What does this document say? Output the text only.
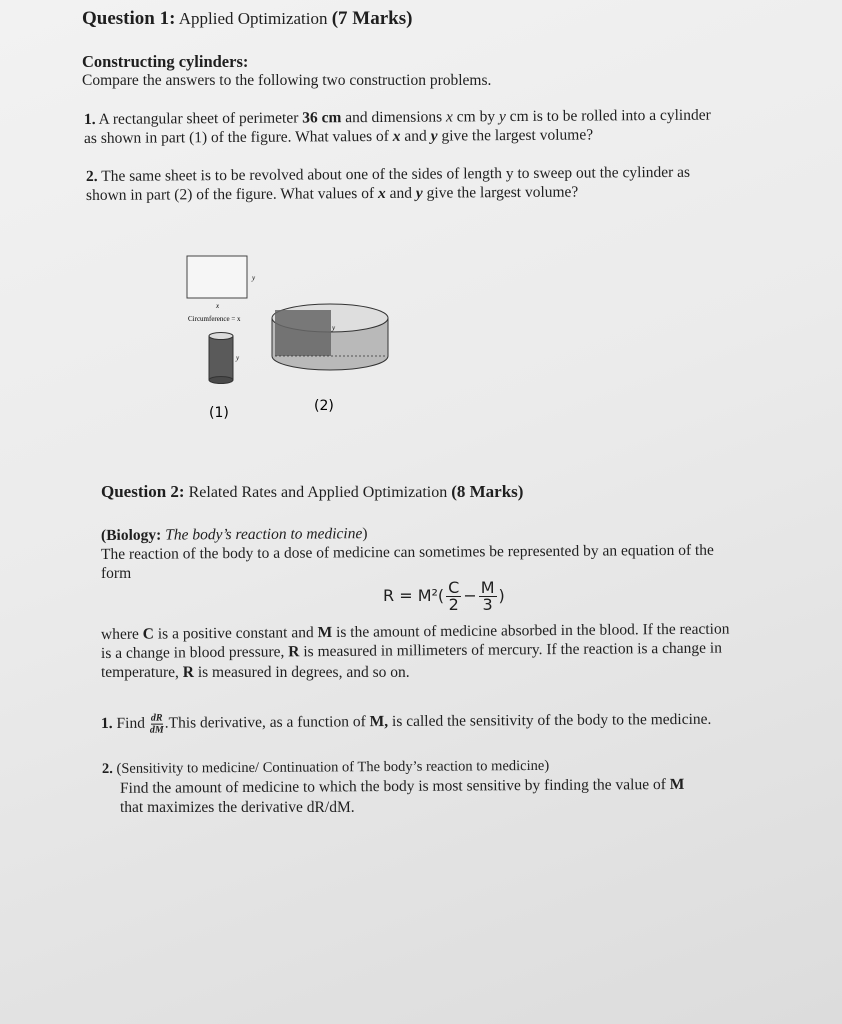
Question 1: Applied Optimization (7 Marks)
Constructing cylinders:
Compare the answers to the following two construction problems.
1. A rectangular sheet of perimeter 36 cm and dimensions x cm by y cm is to be rolled into a cylinder
as shown in part (1) of the figure. What values of x and y give the largest volume?
2. The same sheet is to be revolved about one of the sides of length y to sweep out the cylinder as
shown in part (2) of the figure. What values of x and y give the largest volume?
y
x
Circumference = x
y
y
(1)	(2)
Question 2: Related Rates and Applied Optimization (8 Marks)
(Biology: The body’s reaction to medicine)
The reaction of the body to a dose of medicine can sometimes be represented by an equation of the
form
$R = M^2( \frac{C}{2} - \frac{M}{3}$ )
where C is a positive constant and M is the amount of medicine absorbed in the blood. If the reaction
is a change in blood pressure, R is measured in millimeters of mercury. If the reaction is a change in
temperature, R is measured in degrees, and so on.
1. Find $\frac{dR}{dM}$ .This derivative, as a function of M, is called the sensitivity of the body to the medicine.
2. (Sensitivity to medicine/ Continuation of The body’s reaction to medicine)
Find the amount of medicine to which the body is most sensitive by finding the value of M
that maximizes the derivative dR/dM.
